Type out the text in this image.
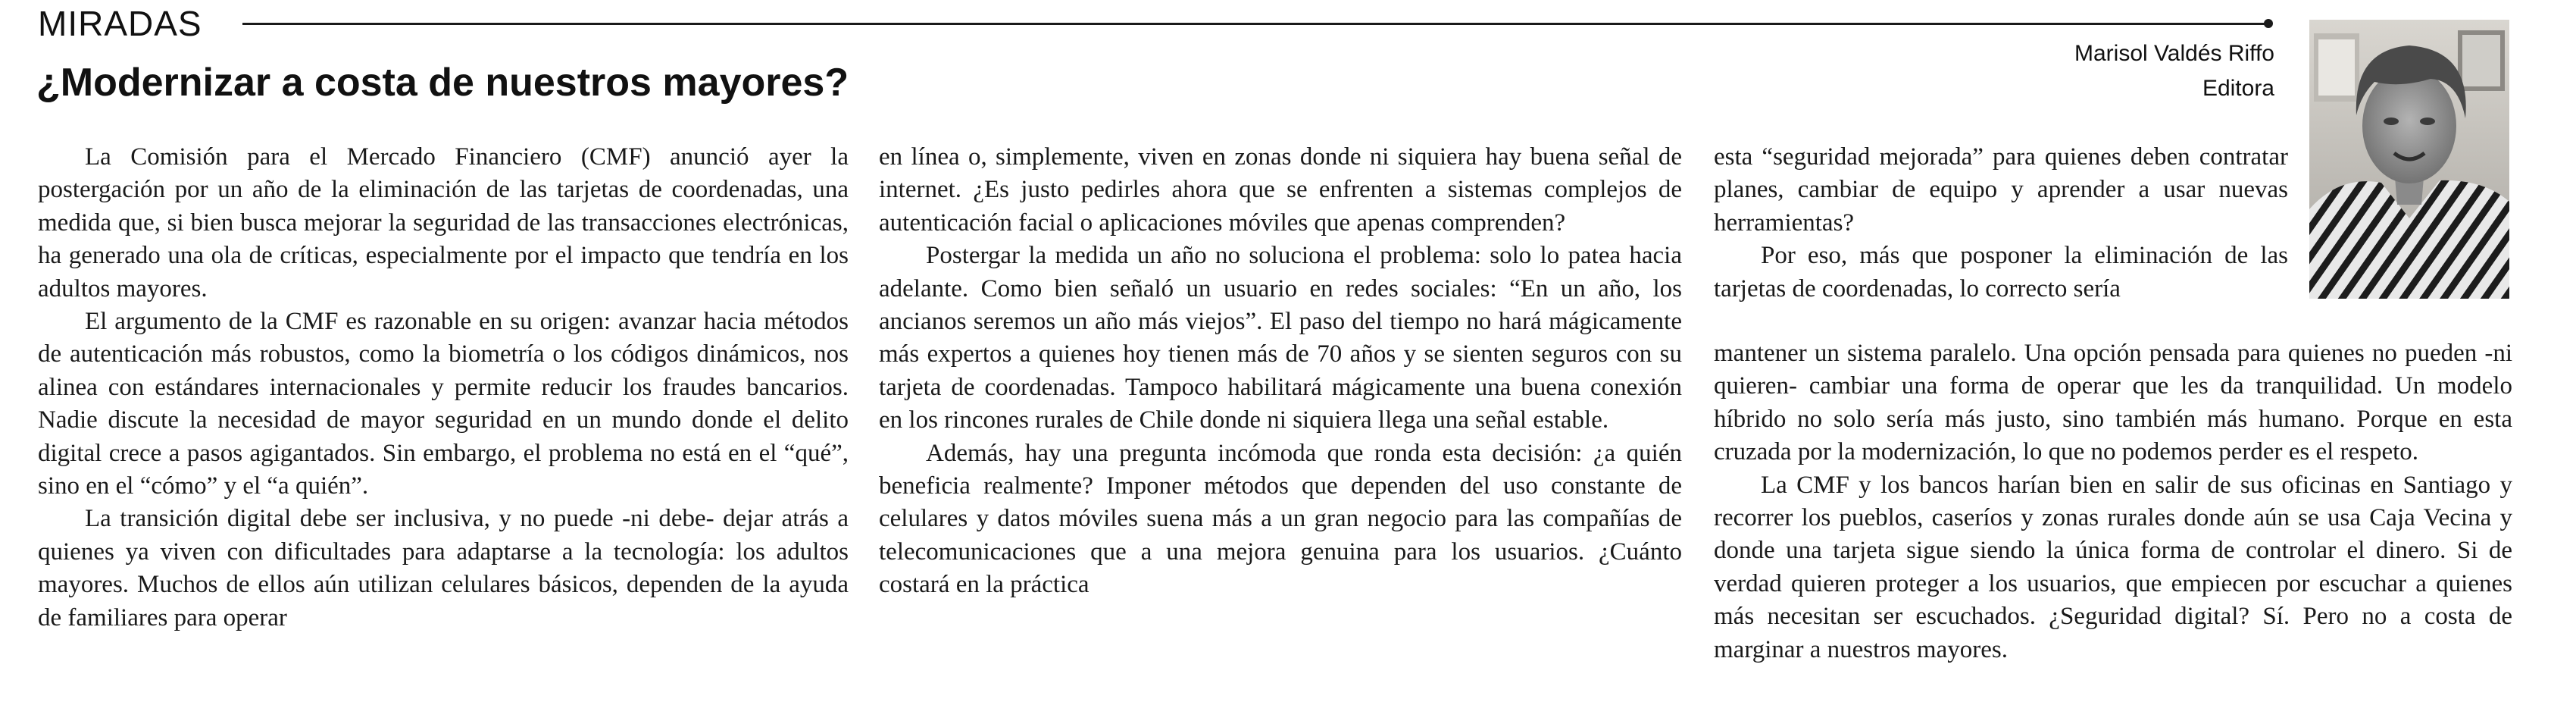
MIRADAS
¿Modernizar a costa de nuestros mayores?
Marisol Valdés Riffo
Editora

La Comisión para el Mercado Financiero (CMF) anunció ayer la postergación por un año de la eliminación de las tarjetas de coordenadas, una medida que, si bien busca mejorar la seguridad de las transacciones electrónicas, ha generado una ola de críticas, especialmente por el impacto que tendría en los adultos mayores.

El argumento de la CMF es razonable en su origen: avanzar hacia métodos de autenticación más robustos, como la biometría o los códigos dinámicos, nos alinea con estándares internacionales y permite reducir los fraudes bancarios. Nadie discute la necesidad de mayor seguridad en un mundo donde el delito digital crece a pasos agigantados. Sin embargo, el problema no está en el “qué”, sino en el “cómo” y el “a quién”.

La transición digital debe ser inclusiva, y no puede -ni debe- dejar atrás a quienes ya viven con dificultades para adaptarse a la tecnología: los adultos mayores. Muchos de ellos aún utilizan celulares básicos, dependen de la ayuda de familiares para operar

en línea o, simplemente, viven en zonas donde ni siquiera hay buena señal de internet. ¿Es justo pedirles ahora que se enfrenten a sistemas complejos de autenticación facial o aplicaciones móviles que apenas comprenden?

Postergar la medida un año no soluciona el problema: solo lo patea hacia adelante. Como bien señaló un usuario en redes sociales: “En un año, los ancianos seremos un año más viejos”. El paso del tiempo no hará mágicamente más expertos a quienes hoy tienen más de 70 años y se sienten seguros con su tarjeta de coordenadas. Tampoco habilitará mágicamente una buena conexión en los rincones rurales de Chile donde ni siquiera llega una señal estable.

Además, hay una pregunta incómoda que ronda esta decisión: ¿a quién beneficia realmente? Imponer métodos que dependen del uso constante de celulares y datos móviles suena más a un gran negocio para las compañías de telecomunicaciones que a una mejora genuina para los usuarios. ¿Cuánto costará en la práctica

esta “seguridad mejorada” para quienes deben contratar planes, cambiar de equipo y aprender a usar nuevas herramientas?

Por eso, más que posponer la eliminación de las tarjetas de coordenadas, lo correcto sería

mantener un sistema paralelo. Una opción pensada para quienes no pueden -ni quieren- cambiar una forma de operar que les da tranquilidad. Un modelo híbrido no solo sería más justo, sino también más humano. Porque en esta cruzada por la modernización, lo que no podemos perder es el respeto.

La CMF y los bancos harían bien en salir de sus oficinas en Santiago y recorrer los pueblos, caseríos y zonas rurales donde aún se usa Caja Vecina y donde una tarjeta sigue siendo la única forma de controlar el dinero. Si de verdad quieren proteger a los usuarios, que empiecen por escuchar a quienes más necesitan ser escuchados. ¿Seguridad digital? Sí. Pero no a costa de marginar a nuestros mayores.
